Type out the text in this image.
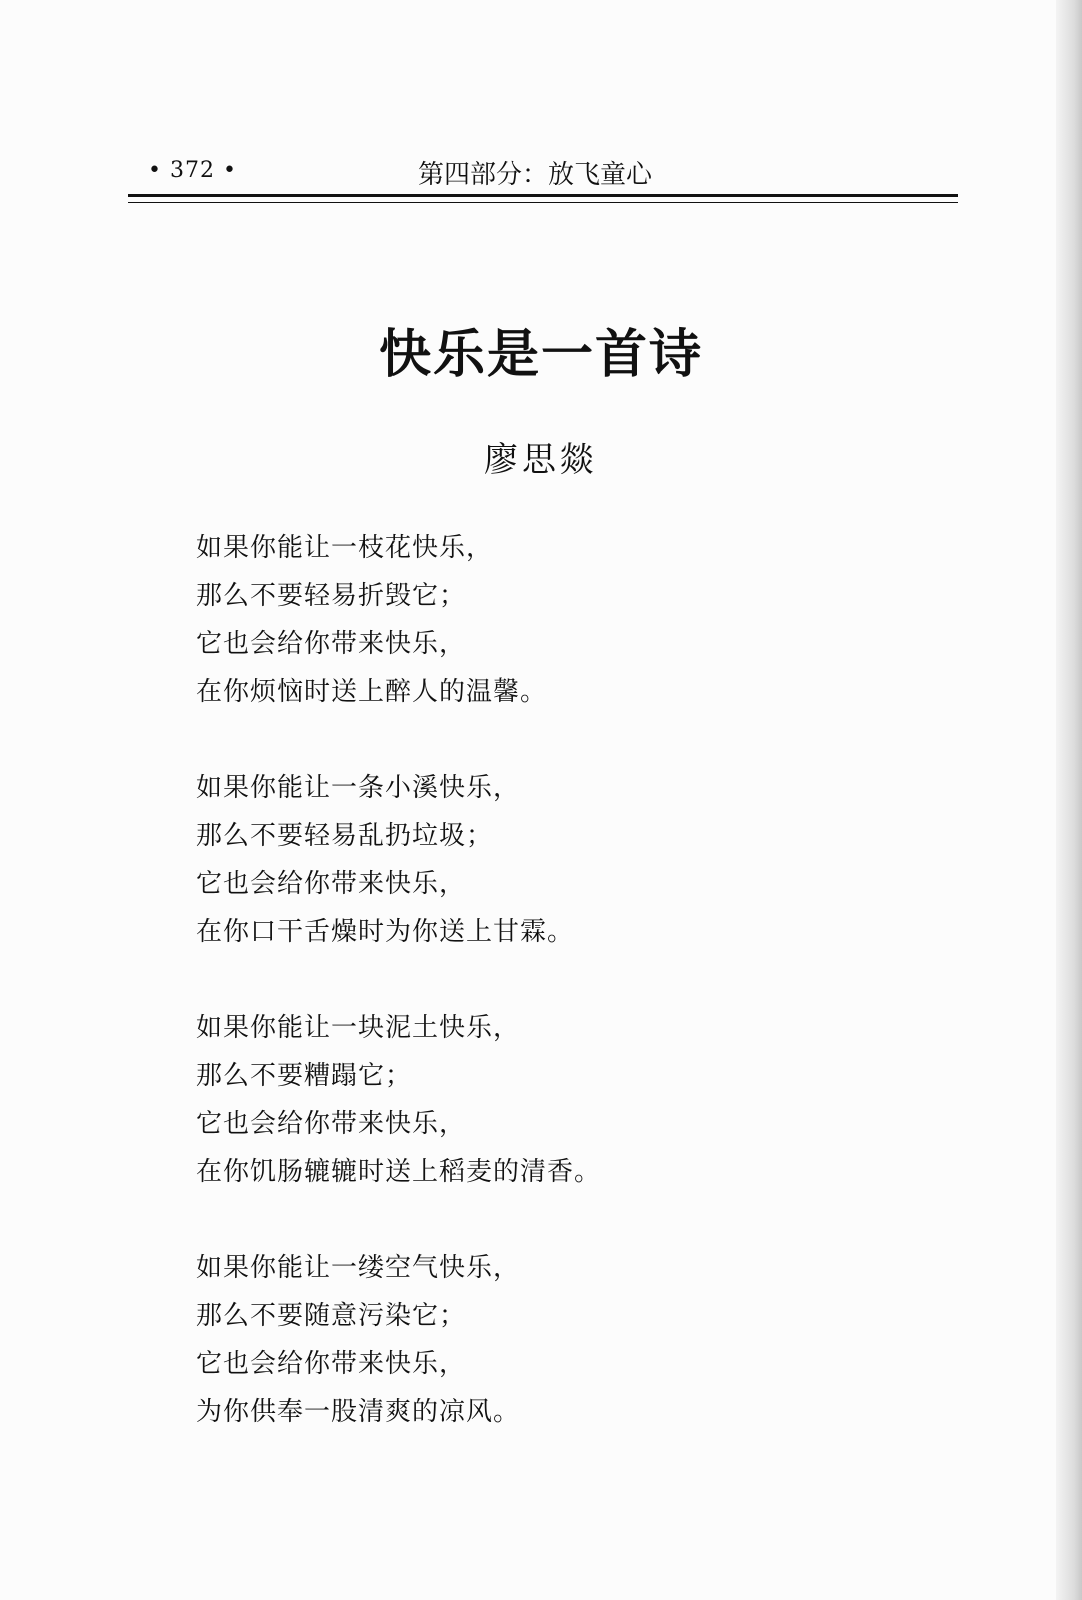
• 372 •	第四部分：放飞童心
快乐是一首诗
廖思燚
如果你能让一枝花快乐，
那么不要轻易折毁它；
它也会给你带来快乐，
在你烦恼时送上醉人的温馨。
如果你能让一条小溪快乐，
那么不要轻易乱扔垃圾；
它也会给你带来快乐，
在你口干舌燥时为你送上甘霖。
如果你能让一块泥土快乐，
那么不要糟蹋它；
它也会给你带来快乐，
在你饥肠辘辘时送上稻麦的清香。
如果你能让一缕空气快乐，
那么不要随意污染它；
它也会给你带来快乐，
为你供奉一股清爽的凉风。
